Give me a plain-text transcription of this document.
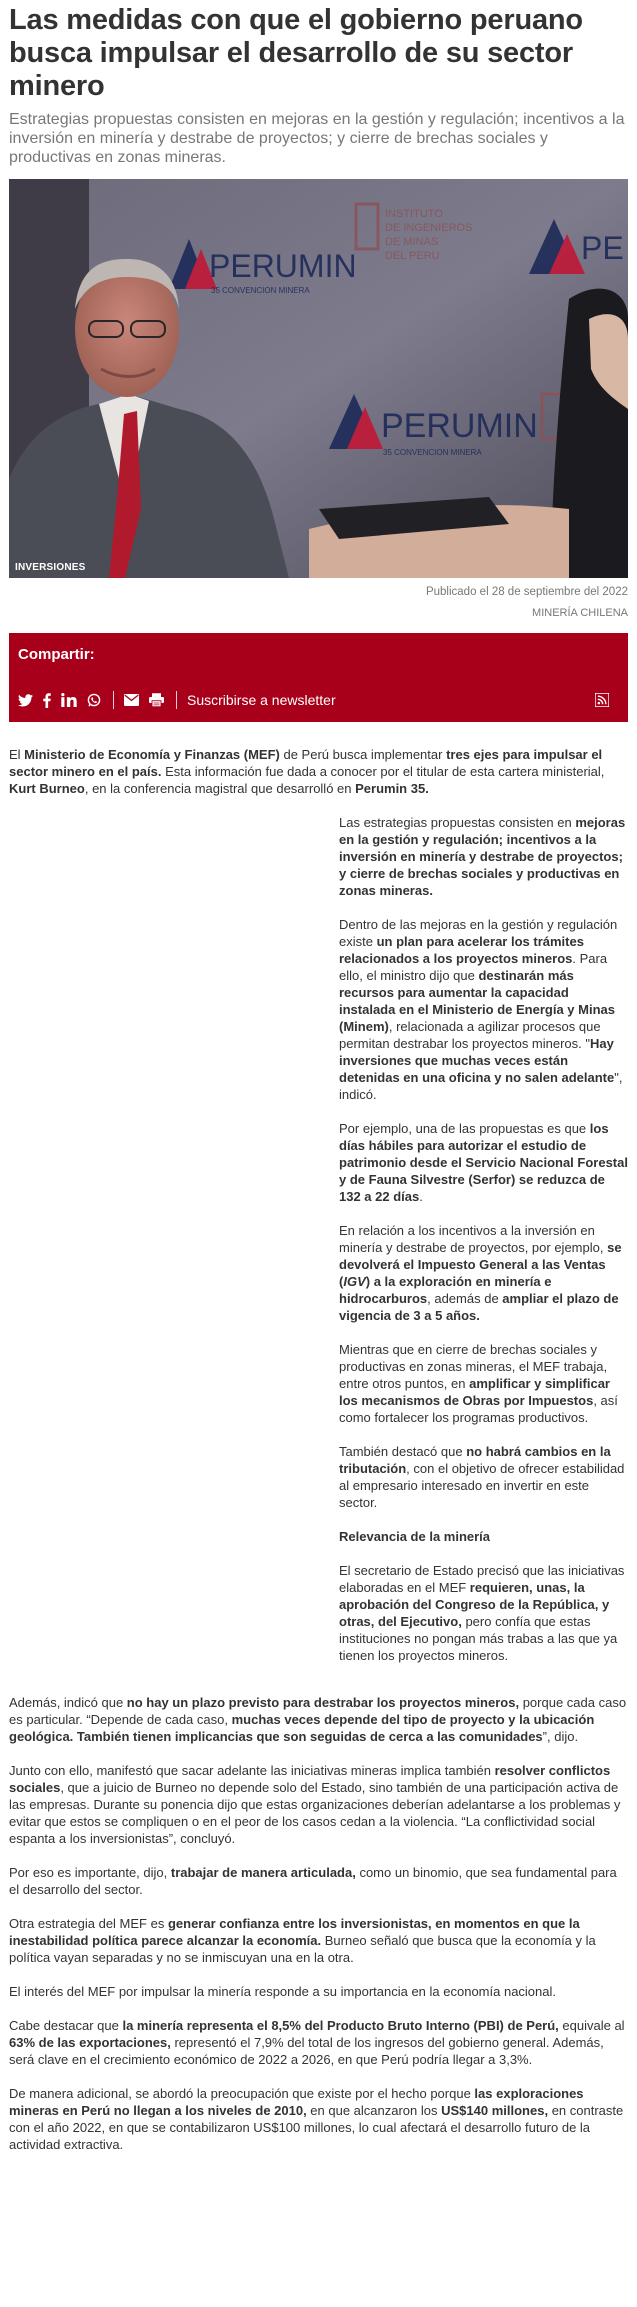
Las medidas con que el gobierno peruano busca impulsar el desarrollo de su sector minero

Estrategias propuestas consisten en mejoras en la gestión y regulación; incentivos a la inversión en minería y destrabe de proyectos; y cierre de brechas sociales y productivas en zonas mineras.

PERUMIN
35 CONVENCION MINERA
INSTITUTO
DE INGENIEROS
DE MINAS
DEL PERU	PE
PERUMIN
35 CONVENCION MINERA
INVERSIONES
Publicado el 28 de septiembre del 2022
MINERÍA CHILENA
Compartir:
Suscribirse a newsletter

El Ministerio de Economía y Finanzas (MEF) de Perú busca implementar tres ejes para impulsar el sector minero en el país. Esta información fue dada a conocer por el titular de esta cartera ministerial, Kurt Burneo, en la conferencia magistral que desarrolló en Perumin 35.

Las estrategias propuestas consisten en mejoras en la gestión y regulación; incentivos a la inversión en minería y destrabe de proyectos; y cierre de brechas sociales y productivas en zonas mineras.

Dentro de las mejoras en la gestión y regulación existe un plan para acelerar los trámites relacionados a los proyectos mineros. Para ello, el ministro dijo que destinarán más recursos para aumentar la capacidad instalada en el Ministerio de Energía y Minas (Minem), relacionada a agilizar procesos que permitan destrabar los proyectos mineros. "Hay inversiones que muchas veces están detenidas en una oficina y no salen adelante", indicó.

Por ejemplo, una de las propuestas es que los días hábiles para autorizar el estudio de patrimonio desde el Servicio Nacional Forestal y de Fauna Silvestre (Serfor) se reduzca de 132 a 22 días.

En relación a los incentivos a la inversión en minería y destrabe de proyectos, por ejemplo, se devolverá el Impuesto General a las Ventas (IGV) a la exploración en minería e hidrocarburos, además de ampliar el plazo de vigencia de 3 a 5 años.

Mientras que en cierre de brechas sociales y productivas en zonas mineras, el MEF trabaja, entre otros puntos, en amplificar y simplificar los mecanismos de Obras por Impuestos, así como fortalecer los programas productivos.

También destacó que no habrá cambios en la tributación, con el objetivo de ofrecer estabilidad al empresario interesado en invertir en este sector.

Relevancia de la minería

El secretario de Estado precisó que las iniciativas elaboradas en el MEF requieren, unas, la aprobación del Congreso de la República, y otras, del Ejecutivo, pero confía que estas instituciones no pongan más trabas a las que ya tienen los proyectos mineros.

Además, indicó que no hay un plazo previsto para destrabar los proyectos mineros, porque cada caso es particular. “Depende de cada caso, muchas veces depende del tipo de proyecto y la ubicación geológica. También tienen implicancias que son seguidas de cerca a las comunidades”, dijo.

Junto con ello, manifestó que sacar adelante las iniciativas mineras implica también resolver conflictos sociales, que a juicio de Burneo no depende solo del Estado, sino también de una participación activa de las empresas. Durante su ponencia dijo que estas organizaciones deberían adelantarse a los problemas y evitar que estos se compliquen o en el peor de los casos cedan a la violencia. “La conflictividad social espanta a los inversionistas”, concluyó.

Por eso es importante, dijo, trabajar de manera articulada, como un binomio, que sea fundamental para el desarrollo del sector.

Otra estrategia del MEF es generar confianza entre los inversionistas, en momentos en que la inestabilidad política parece alcanzar la economía. Burneo señaló que busca que la economía y la política vayan separadas y no se inmiscuyan una en la otra.

El interés del MEF por impulsar la minería responde a su importancia en la economía nacional.

Cabe destacar que la minería representa el 8,5% del Producto Bruto Interno (PBI) de Perú, equivale al 63% de las exportaciones, representó el 7,9% del total de los ingresos del gobierno general. Además, será clave en el crecimiento económico de 2022 a 2026, en que Perú podría llegar a 3,3%.

De manera adicional, se abordó la preocupación que existe por el hecho porque las exploraciones mineras en Perú no llegan a los niveles de 2010, en que alcanzaron los US$140 millones, en contraste con el año 2022, en que se contabilizaron US$100 millones, lo cual afectará el desarrollo futuro de la actividad extractiva.
